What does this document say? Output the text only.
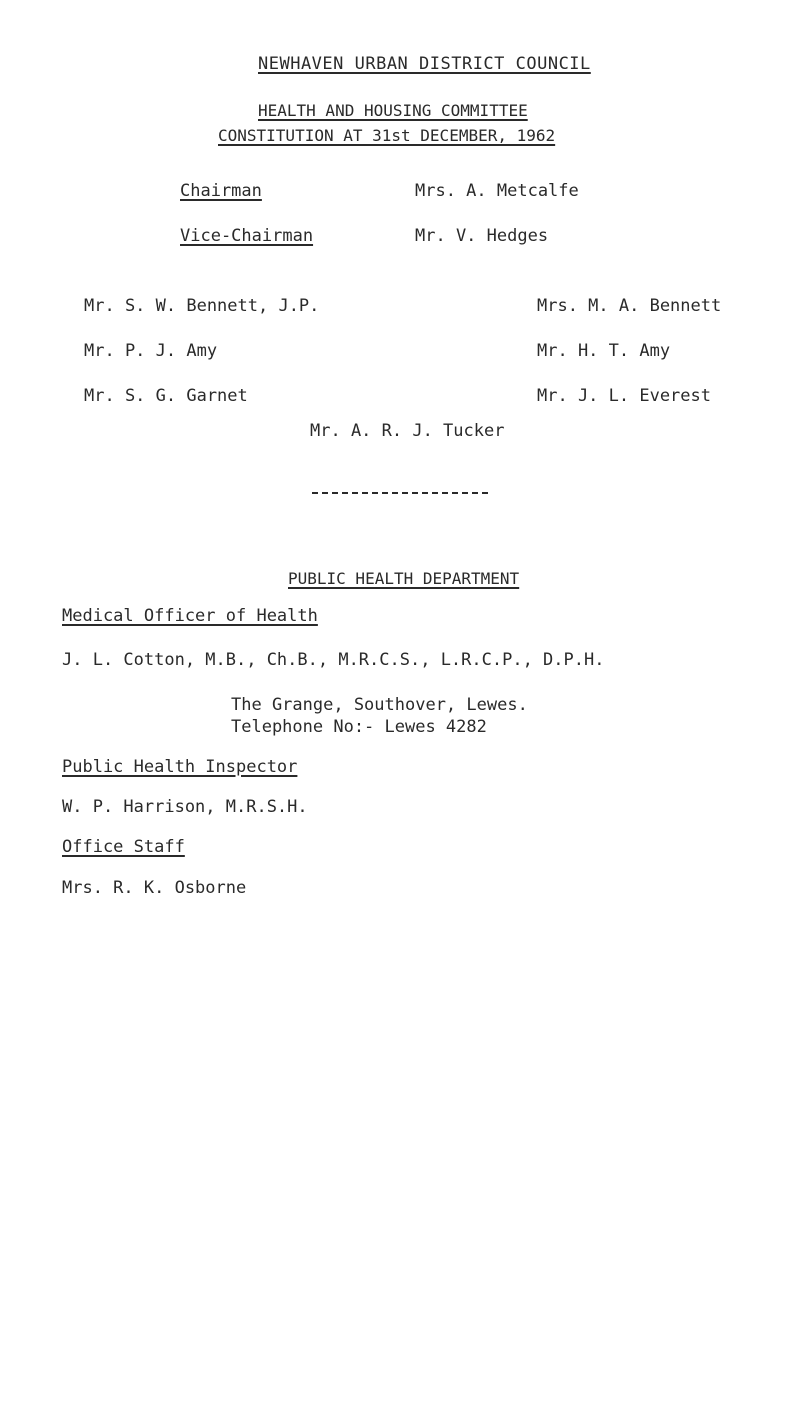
NEWHAVEN URBAN DISTRICT COUNCIL
HEALTH AND HOUSING COMMITTEE
CONSTITUTION AT 31st DECEMBER, 1962
Chairman	Mrs. A. Metcalfe
Vice-Chairman	Mr. V. Hedges
Mr. S. W. Bennett, J.P.
Mr. P. J. Amy
Mr. S. G. Garnet
Mrs. M. A. Bennett
Mr. H. T. Amy
Mr. J. L. Everest
Mr. A. R. J. Tucker
PUBLIC HEALTH DEPARTMENT
Medical Officer of Health
J. L. Cotton, M.B., Ch.B., M.R.C.S., L.R.C.P., D.P.H.
The Grange, Southover, Lewes.
Telephone No:- Lewes 4282
Public Health Inspector
W. P. Harrison, M.R.S.H.
Office Staff
Mrs. R. K. Osborne
